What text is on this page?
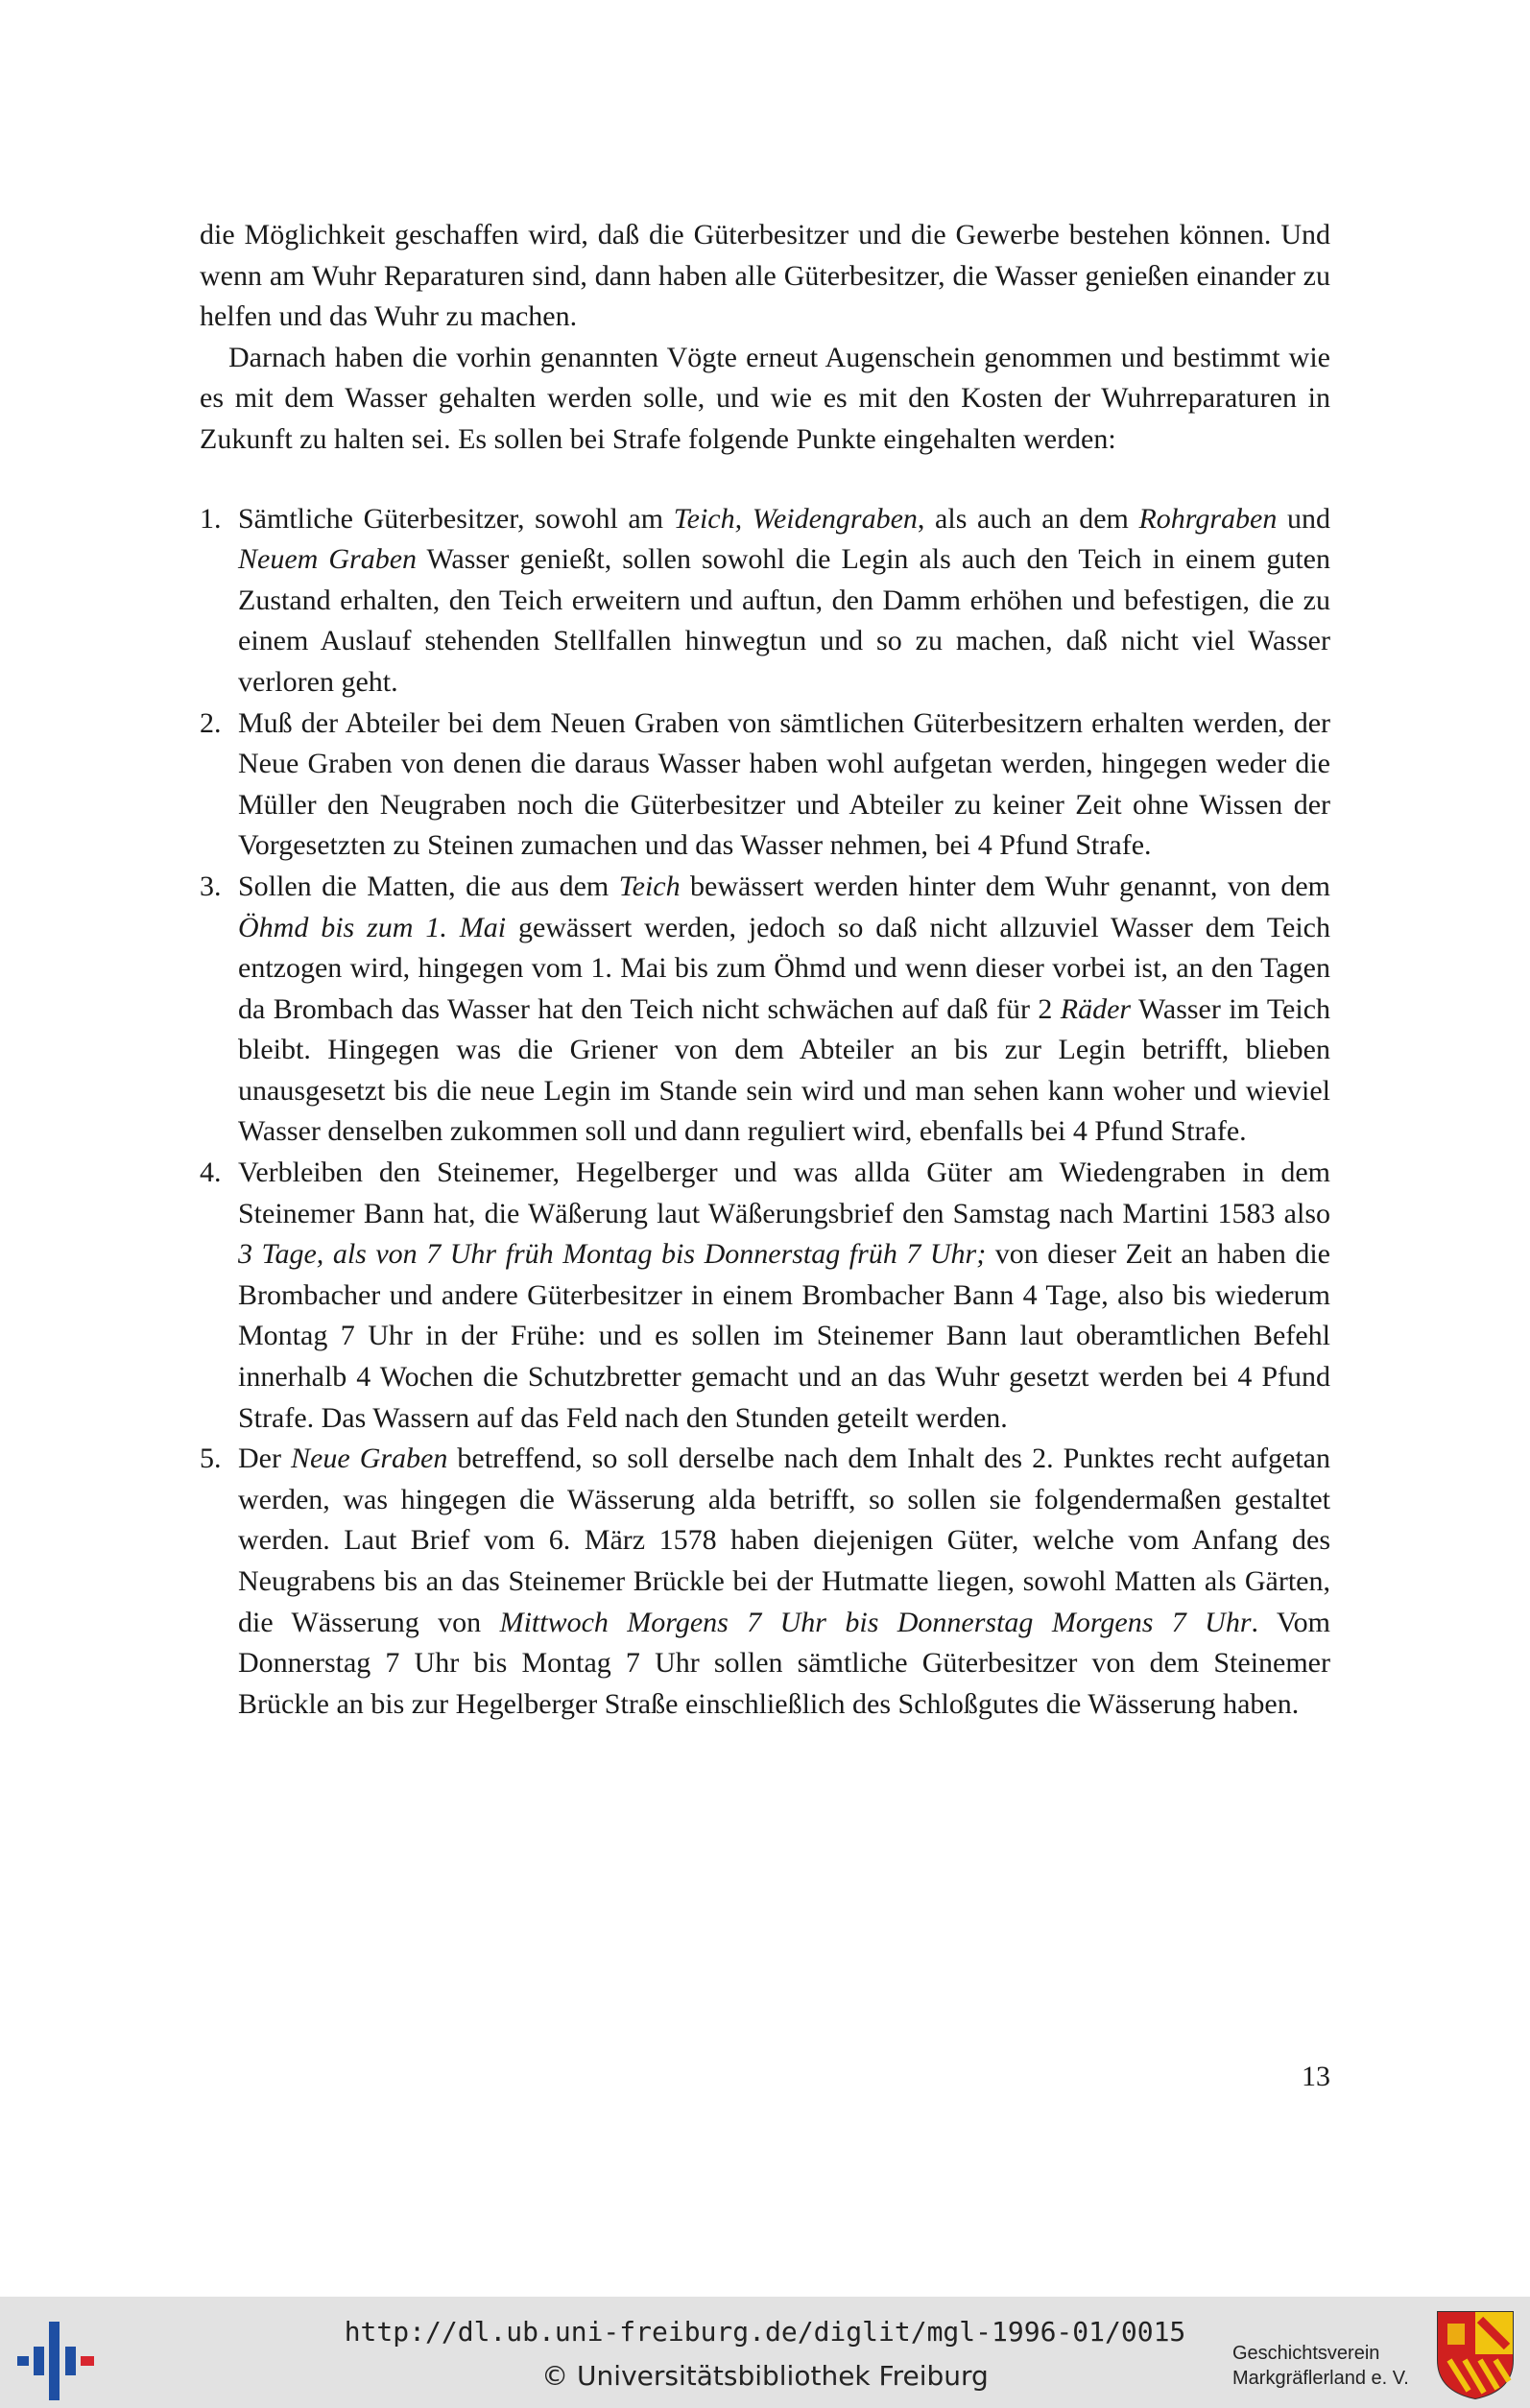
die Möglichkeit geschaffen wird, daß die Güterbesitzer und die Gewerbe bestehen können. Und wenn am Wuhr Reparaturen sind, dann haben alle Güterbesitzer, die Wasser genießen einander zu helfen und das Wuhr zu machen.

Darnach haben die vorhin genannten Vögte erneut Augenschein genommen und bestimmt wie es mit dem Wasser gehalten werden solle, und wie es mit den Kosten der Wuhrreparaturen in Zukunft zu halten sei. Es sollen bei Strafe folgende Punkte eingehalten werden:

1. Sämtliche Güterbesitzer, sowohl am Teich, Weidengraben, als auch an dem Rohrgraben und Neuem Graben Wasser genießt, sollen sowohl die Legin als auch den Teich in einem guten Zustand erhalten, den Teich erweitern und auftun, den Damm erhöhen und befestigen, die zu einem Auslauf stehenden Stellfallen hinwegtun und so zu machen, daß nicht viel Wasser verloren geht.
2. Muß der Abteiler bei dem Neuen Graben von sämtlichen Güterbesitzern erhalten werden, der Neue Graben von denen die daraus Wasser haben wohl aufgetan werden, hingegen weder die Müller den Neugraben noch die Güterbesitzer und Abteiler zu keiner Zeit ohne Wissen der Vorgesetzten zu Steinen zumachen und das Wasser nehmen, bei 4 Pfund Strafe.
3. Sollen die Matten, die aus dem Teich bewässert werden hinter dem Wuhr genannt, von dem Öhmd bis zum 1. Mai gewässert werden, jedoch so daß nicht allzuviel Wasser dem Teich entzogen wird, hingegen vom 1. Mai bis zum Öhmd und wenn dieser vorbei ist, an den Tagen da Brombach das Wasser hat den Teich nicht schwächen auf daß für 2 Räder Wasser im Teich bleibt. Hingegen was die Griener von dem Abteiler an bis zur Legin betrifft, blieben unausgesetzt bis die neue Legin im Stande sein wird und man sehen kann woher und wieviel Wasser denselben zukommen soll und dann reguliert wird, ebenfalls bei 4 Pfund Strafe.
4. Verbleiben den Steinemer, Hegelberger und was allda Güter am Wiedengraben in dem Steinemer Bann hat, die Wäßerung laut Wäßerungsbrief den Samstag nach Martini 1583 also 3 Tage, als von 7 Uhr früh Montag bis Donnerstag früh 7 Uhr; von dieser Zeit an haben die Brombacher und andere Güterbesitzer in einem Brombacher Bann 4 Tage, also bis wiederum Montag 7 Uhr in der Frühe: und es sollen im Steinemer Bann laut oberamtlichen Befehl innerhalb 4 Wochen die Schutzbretter gemacht und an das Wuhr gesetzt werden bei 4 Pfund Strafe. Das Wassern auf das Feld nach den Stunden geteilt werden.
5. Der Neue Graben betreffend, so soll derselbe nach dem Inhalt des 2. Punktes recht aufgetan werden, was hingegen die Wässerung alda betrifft, so sollen sie folgendermaßen gestaltet werden. Laut Brief vom 6. März 1578 haben diejenigen Güter, welche vom Anfang des Neugrabens bis an das Steinemer Brückle bei der Hutmatte liegen, sowohl Matten als Gärten, die Wässerung von Mittwoch Morgens 7 Uhr bis Donnerstag Morgens 7 Uhr. Vom Donnerstag 7 Uhr bis Montag 7 Uhr sollen sämtliche Güterbesitzer von dem Steinemer Brückle an bis zur Hegelberger Straße einschließlich des Schloßgutes die Wässerung haben.
13
http://dl.ub.uni-freiburg.de/diglit/mgl-1996-01/0015
© Universitätsbibliothek Freiburg
Geschichtsverein
Markgräflerland e. V.
